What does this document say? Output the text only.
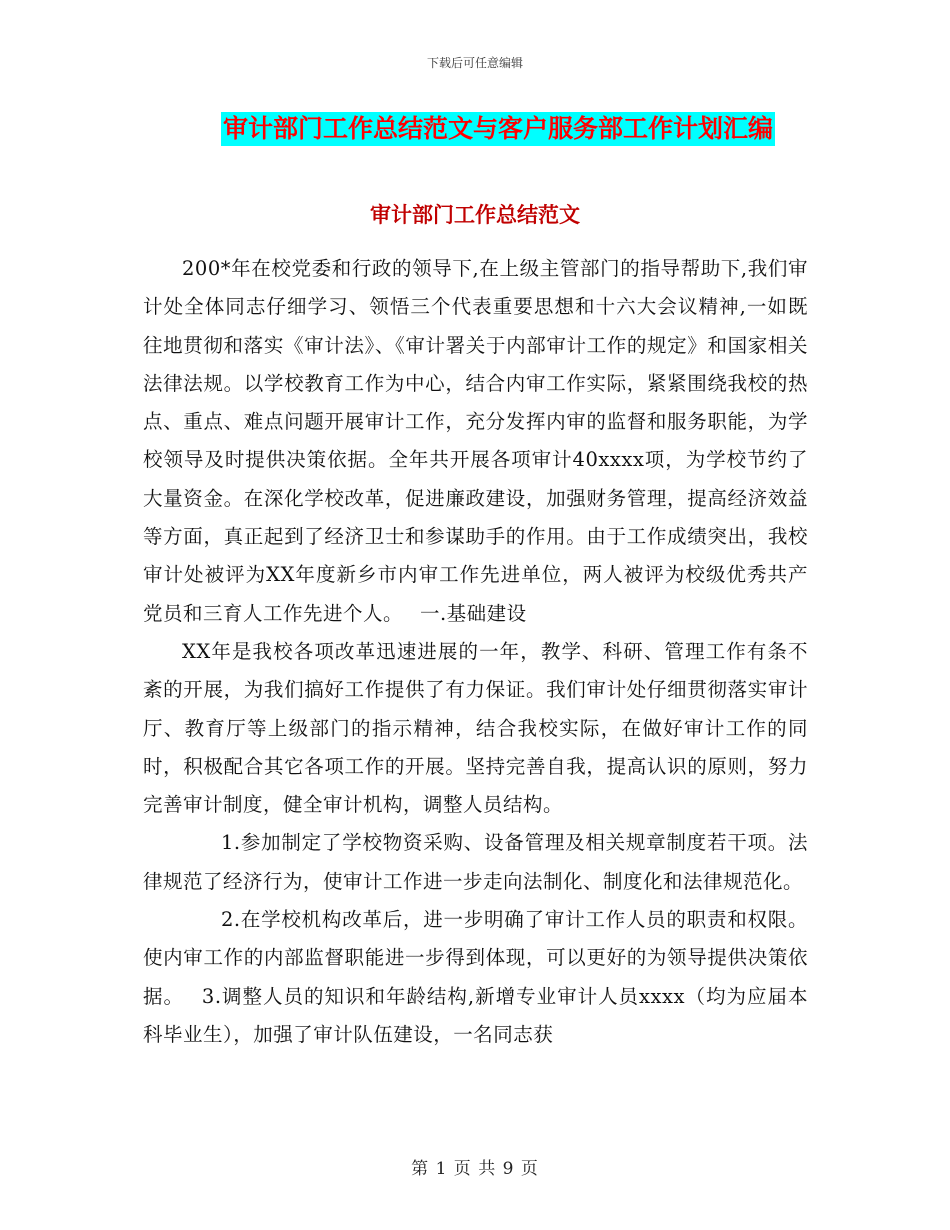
下载后可任意编辑
审计部门工作总结范文与客户服务部工作计划汇编
审计部门工作总结范文

200*年在校党委和行政的领导下,在上级主管部门的指导帮助下,我们审计处全体同志仔细学习、领悟三个代表重要思想和十六大会议精神,一如既往地贯彻和落实《审计法》、《审计署关于内部审计工作的规定》和国家相关法律法规。以学校教育工作为中心，结合内审工作实际，紧紧围绕我校的热点、重点、难点问题开展审计工作，充分发挥内审的监督和服务职能，为学校领导及时提供决策依据。全年共开展各项审计40xxxx项，为学校节约了大量资金。在深化学校改革，促进廉政建设，加强财务管理，提高经济效益等方面，真正起到了经济卫士和参谋助手的作用。由于工作成绩突出，我校审计处被评为XX年度新乡市内审工作先进单位，两人被评为校级优秀共产党员和三育人工作先进个人。　 一.基础建设

XX年是我校各项改革迅速进展的一年，教学、科研、管理工作有条不紊的开展，为我们搞好工作提供了有力保证。我们审计处仔细贯彻落实审计厅、教育厅等上级部门的指示精神，结合我校实际，在做好审计工作的同时，积极配合其它各项工作的开展。坚持完善自我，提高认识的原则，努力完善审计制度，健全审计机构，调整人员结构。

1.参加制定了学校物资采购、设备管理及相关规章制度若干项。法律规范了经济行为，使审计工作进一步走向法制化、制度化和法律规范化。

2.在学校机构改革后，进一步明确了审计工作人员的职责和权限。使内审工作的内部监督职能进一步得到体现，可以更好的为领导提供决策依据。　 3.调整人员的知识和年龄结构,新增专业审计人员xxxx（均为应届本科毕业生），加强了审计队伍建设，一名同志获

第 1 页 共 9 页
